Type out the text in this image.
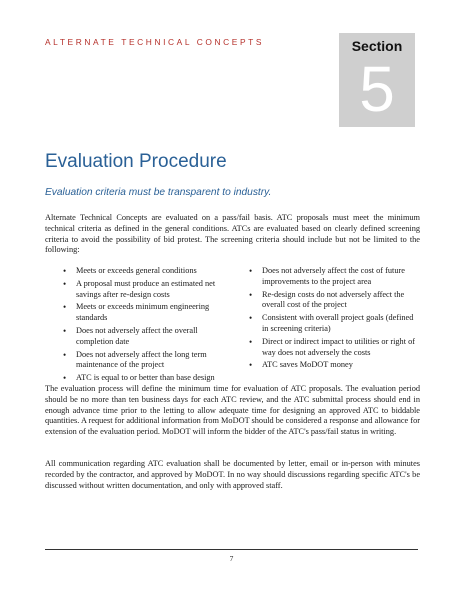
ALTERNATE TECHNICAL CONCEPTS	Section
5
Evaluation Procedure

Evaluation criteria must be transparent to industry.

Alternate Technical Concepts are evaluated on a pass/fail basis. ATC proposals must meet the minimum technical criteria as defined in the general conditions. ATCs are evaluated based on clearly defined screening criteria to avoid the possibility of bid protest. The screening criteria should include but not be limited to the following:

• Meets or exceeds general conditions
• A proposal must produce an estimated net savings after re-design costs
• Meets or exceeds minimum engineering standards
• Does not adversely affect the overall completion date
• Does not adversely affect the long term maintenance of the project
• ATC is equal to or better than base design
• Does not adversely affect the cost of future improvements to the project area
• Re-design costs do not adversely affect the overall cost of the project
• Consistent with overall project goals (defined in screening criteria)
• Direct or indirect impact to utilities or right of way does not adversely the costs
• ATC saves MoDOT money

The evaluation process will define the minimum time for evaluation of ATC proposals. The evaluation period should be no more than ten business days for each ATC review, and the ATC submittal process should end in enough advance time prior to the letting to allow adequate time for designing an approved ATC to biddable quantities. A request for additional information from MoDOT should be considered a response and allowance for extension of the evaluation period. MoDOT will inform the bidder of the ATC's pass/fail status in writing.

All communication regarding ATC evaluation shall be documented by letter, email or in-person with minutes recorded by the contractor, and approved by MoDOT. In no way should discussions regarding specific ATC's be discussed without written documentation, and only with approved staff.

7
